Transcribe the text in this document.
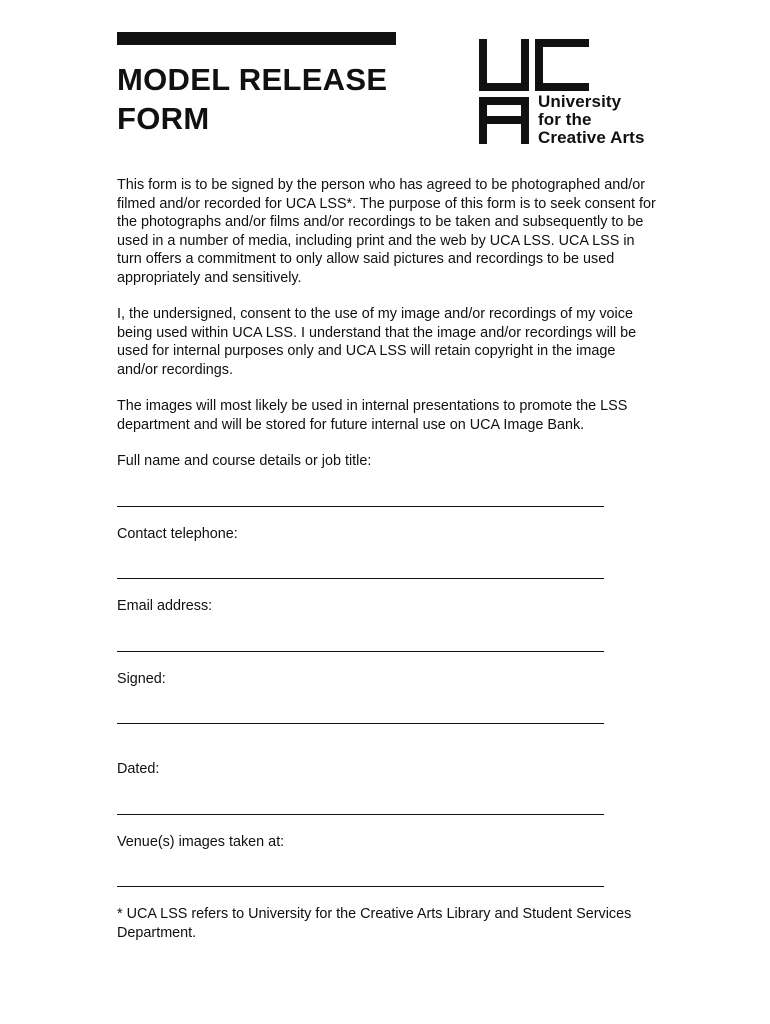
MODEL RELEASE
FORM	University
for the
Creative Arts

This form is to be signed by the person who has agreed to be photographed and/or filmed and/or recorded for UCA LSS*. The purpose of this form is to seek consent for the photographs and/or films and/or recordings to be taken and subsequently to be used in a number of media, including print and the web by UCA LSS. UCA LSS in turn offers a commitment to only allow said pictures and recordings to be used appropriately and sensitively.

I, the undersigned, consent to the use of my image and/or recordings of my voice being used within UCA LSS. I understand that the image and/or recordings will be used for internal purposes only and UCA LSS will retain copyright in the image and/or recordings.

The images will most likely be used in internal presentations to promote the LSS department and will be stored for future internal use on UCA Image Bank.

Full name and course details or job title:

Contact telephone:

Email address:

Signed:

Dated:

Venue(s) images taken at:

* UCA LSS refers to University for the Creative Arts Library and Student Services Department.
